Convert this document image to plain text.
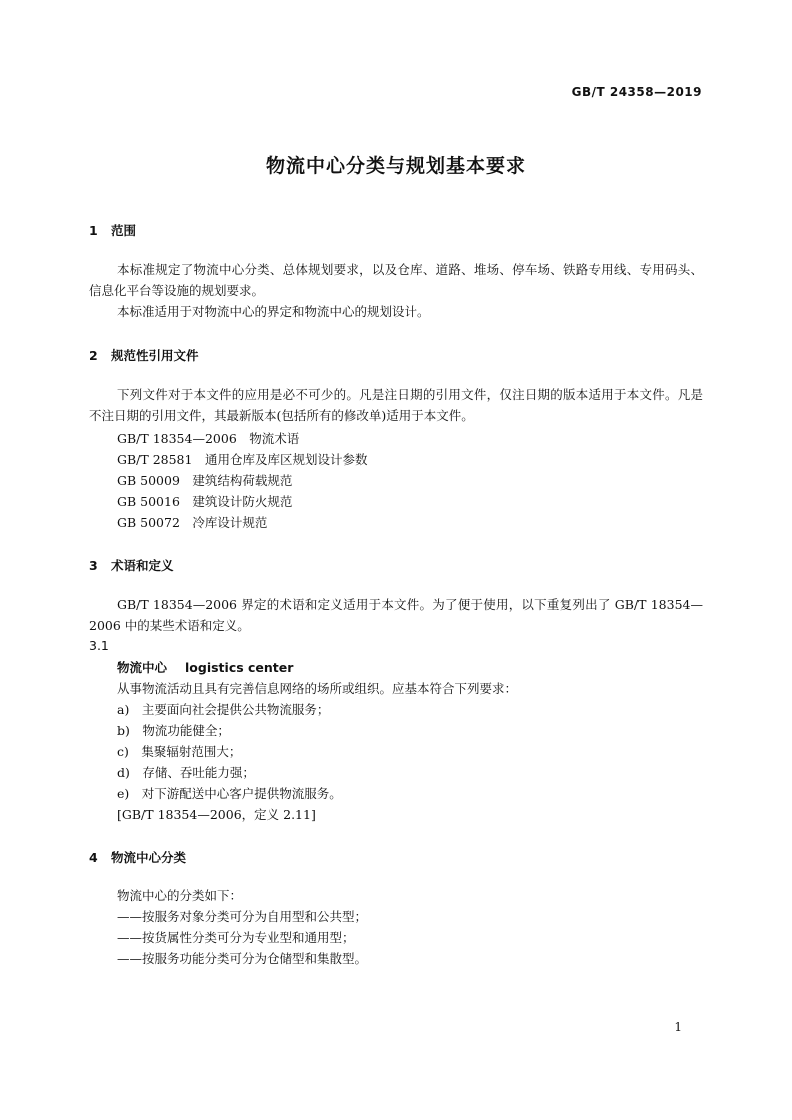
GB/T 24358—2019
物流中心分类与规划基本要求
1 范围
本标准规定了物流中心分类、总体规划要求，以及仓库、道路、堆场、停车场、铁路专用线、专用码头、信息化平台等设施的规划要求。
本标准适用于对物流中心的界定和物流中心的规划设计。
2 规范性引用文件
下列文件对于本文件的应用是必不可少的。凡是注日期的引用文件，仅注日期的版本适用于本文件。凡是不注日期的引用文件，其最新版本(包括所有的修改单)适用于本文件。
GB/T 18354—2006　物流术语
GB/T 28581　通用仓库及库区规划设计参数
GB 50009　建筑结构荷载规范
GB 50016　建筑设计防火规范
GB 50072　冷库设计规范
3 术语和定义
GB/T 18354—2006 界定的术语和定义适用于本文件。为了便于使用，以下重复列出了 GB/T 18354—2006 中的某些术语和定义。
3.1
物流中心 logistics center
从事物流活动且具有完善信息网络的场所或组织。应基本符合下列要求：
a)　主要面向社会提供公共物流服务；
b)　物流功能健全；
c)　集聚辐射范围大；
d)　存储、吞吐能力强；
e)　对下游配送中心客户提供物流服务。
[GB/T 18354—2006，定义 2.11]
4 物流中心分类
物流中心的分类如下：
——按服务对象分类可分为自用型和公共型；
——按货属性分类可分为专业型和通用型；
——按服务功能分类可分为仓储型和集散型。
1
